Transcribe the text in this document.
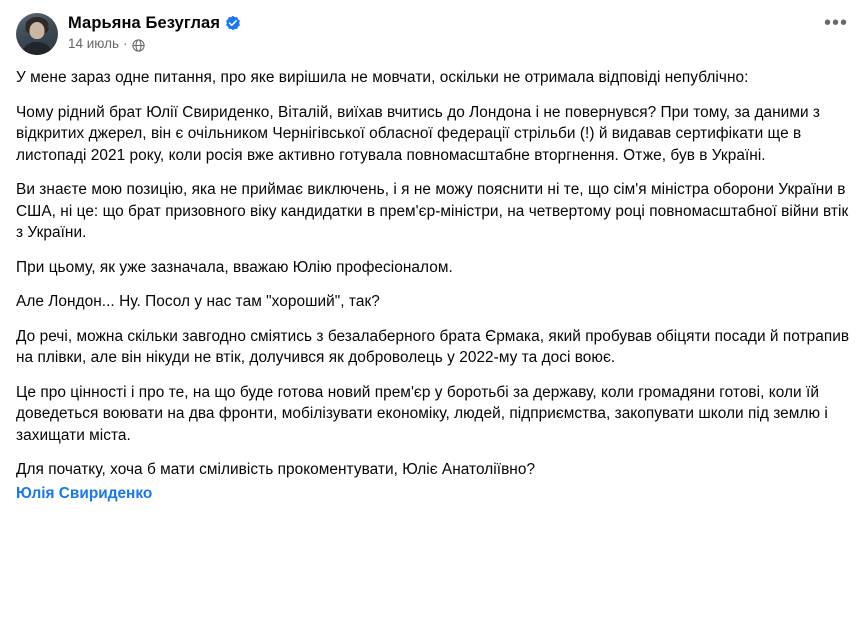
Марьяна Безуглая
14 июль ·
•••

У мене зараз одне питання, про яке вирішила не мовчати, оскільки не отримала відповіді непублічно:

Чому рідний брат Юлії Свириденко, Віталій, виїхав вчитись до Лондона і не повернувся? При тому, за даними з відкритих джерел, він є очільником Чернігівської обласної федерації стрільби (!) й видавав сертифікати ще в листопаді 2021 року, коли росія вже активно готувала повномасштабне вторгнення. Отже, був в Україні.

Ви знаєте мою позицію, яка не приймає виключень, і я не можу пояснити ні те, що сім'я міністра оборони України в США, ні це: що брат призовного віку кандидатки в прем'єр-міністри, на четвертому році повномасштабної війни втік з України.

При цьому, як уже зазначала, вважаю Юлію професіоналом.

Але Лондон... Ну. Посол у нас там "хороший", так?

До речі, можна скільки завгодно сміятись з безалаберного брата Єрмака, який пробував обіцяти посади й потрапив на плівки, але він нікуди не втік, долучився як доброволець у 2022-му та досі воює.

Це про цінності і про те, на що буде готова новий прем'єр у боротьбі за державу, коли громадяни готові, коли їй доведеться воювати на два фронти, мобілізувати економіку, людей, підприємства, закопувати школи під землю і захищати міста.

Для початку, хоча б мати сміливість прокоментувати, Юліє Анатоліївно?

Юлія Свириденко
